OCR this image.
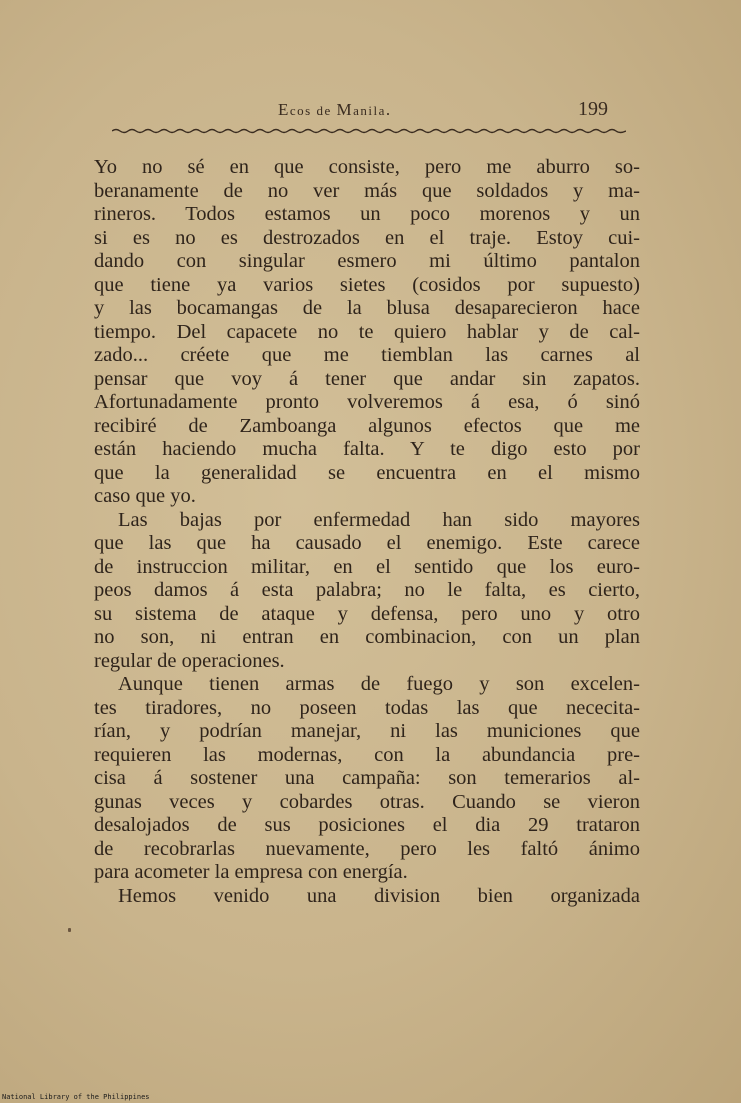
Ecos de Manila.	199
Yo no sé en que consiste, pero me aburro so-
beranamente de no ver más que soldados y ma-
rineros. Todos estamos un poco morenos y un
si es no es destrozados en el traje. Estoy cui-
dando con singular esmero mi último pantalon
que tiene ya varios sietes (cosidos por supuesto)
y las bocamangas de la blusa desaparecieron hace
tiempo. Del capacete no te quiero hablar y de cal-
zado... créete que me tiemblan las carnes al
pensar que voy á tener que andar sin zapatos.
Afortunadamente pronto volveremos á esa, ó sinó
recibiré de Zamboanga algunos efectos que me
están haciendo mucha falta. Y te digo esto por
que la generalidad se encuentra en el mismo
caso que yo.
Las bajas por enfermedad han sido mayores
que las que ha causado el enemigo. Este carece
de instruccion militar, en el sentido que los euro-
peos damos á esta palabra; no le falta, es cierto,
su sistema de ataque y defensa, pero uno y otro
no son, ni entran en combinacion, con un plan
regular de operaciones.
Aunque tienen armas de fuego y son excelen-
tes tiradores, no poseen todas las que nececita-
rían, y podrían manejar, ni las municiones que
requieren las modernas, con la abundancia pre-
cisa á sostener una campaña: son temerarios al-
gunas veces y cobardes otras. Cuando se vieron
desalojados de sus posiciones el dia 29 trataron
de recobrarlas nuevamente, pero les faltó ánimo
para acometer la empresa con energía.
Hemos venido una division bien organizada
National Library of the Philippines
